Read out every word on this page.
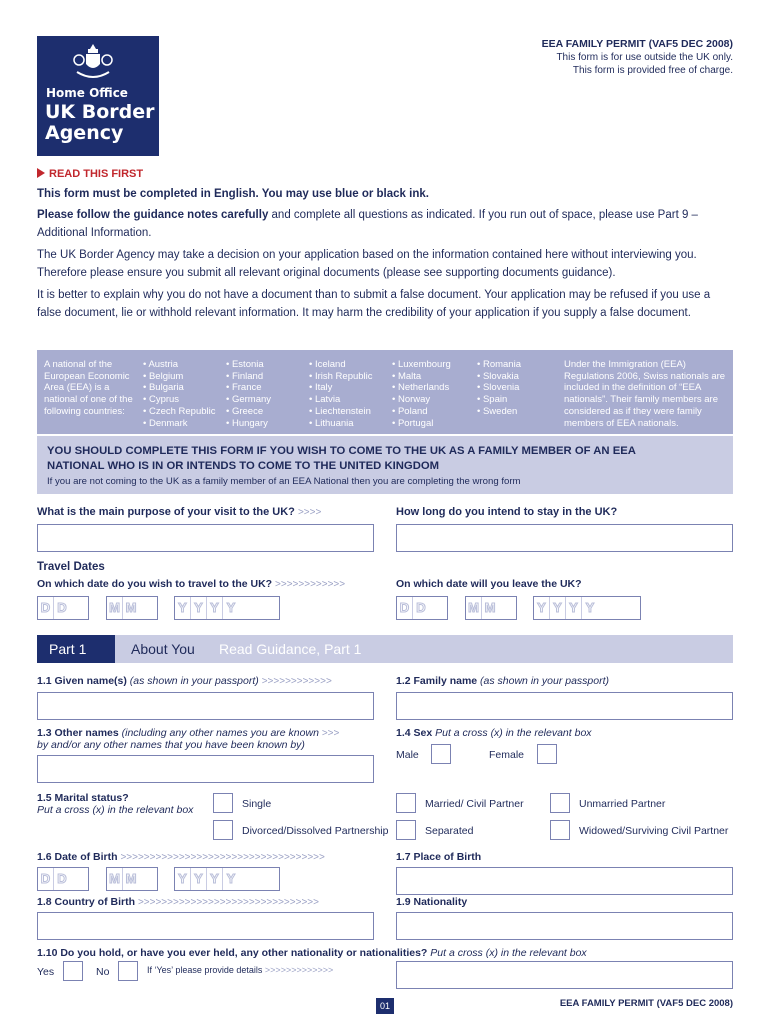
Home Office
UK Border
Agency
EEA FAMILY PERMIT (VAF5 DEC 2008)
This form is for use outside the UK only.
This form is provided free of charge.
READ THIS FIRST
This form must be completed in English. You may use blue or black ink.
Please follow the guidance notes carefully and complete all questions as indicated. If you run out of space, please use Part 9 – Additional Information.
The UK Border Agency may take a decision on your application based on the information contained here without interviewing you. Therefore please ensure you submit all relevant original documents (please see supporting documents guidance).
It is better to explain why you do not have a document than to submit a false document. Your application may be refused if you use a false document, lie or withhold relevant information. It may harm the credibility of your application if you supply a false document.
A national of the European Economic Area (EEA) is a national of one of the following countries:
• Austria
• Belgium
• Bulgaria
• Cyprus
• Czech Republic
• Denmark
• Estonia
• Finland
• France
• Germany
• Greece
• Hungary
• Iceland
• Irish Republic
• Italy
• Latvia
• Liechtenstein
• Lithuania
• Luxembourg
• Malta
• Netherlands
• Norway
• Poland
• Portugal
• Romania
• Slovakia
• Slovenia
• Spain
• Sweden
Under the Immigration (EEA) Regulations 2006, Swiss nationals are included in the definition of “EEA nationals”. Their family members are considered as if they were family members of EEA nationals.
YOU SHOULD COMPLETE THIS FORM IF YOU WISH TO COME TO THE UK AS A FAMILY MEMBER OF AN EEA
NATIONAL WHO IS IN OR INTENDS TO COME TO THE UNITED KINGDOM
If you are not coming to the UK as a family member of an EEA National then you are completing the wrong form
What is the main purpose of your visit to the UK? >>>>	How long do you intend to stay in the UK?
Travel Dates
On which date do you wish to travel to the UK? >>>>>>>>>>>>	On which date will you leave the UK?
D D	M M	Y Y Y Y	D D	M M	Y Y Y Y
Part 1	About You Read Guidance, Part 1
1.1 Given name(s) (as shown in your passport) >>>>>>>>>>>>	1.2 Family name (as shown in your passport)
1.3 Other names (including any other names you are known >>>
by and/or any other names that you have been known by)
1.4 Sex Put a cross (x) in the relevant box
Male	Female
1.5 Marital status?
Put a cross (x) in the relevant box	Single	Married/ Civil Partner	Unmarried Partner
Divorced/Dissolved Partnership	Separated	Widowed/Surviving Civil Partner
1.6 Date of Birth >>>>>>>>>>>>>>>>>>>>>>>>>>>>>>>>>>>
D D	M M	Y Y Y Y
1.7 Place of Birth
1.8 Country of Birth >>>>>>>>>>>>>>>>>>>>>>>>>>>>>>>	1.9 Nationality
1.10 Do you hold, or have you ever held, any other nationality or nationalities? Put a cross (x) in the relevant box
Yes	No	If ‘Yes’ please provide details >>>>>>>>>>>>>
01	EEA FAMILY PERMIT (VAF5 DEC 2008)
